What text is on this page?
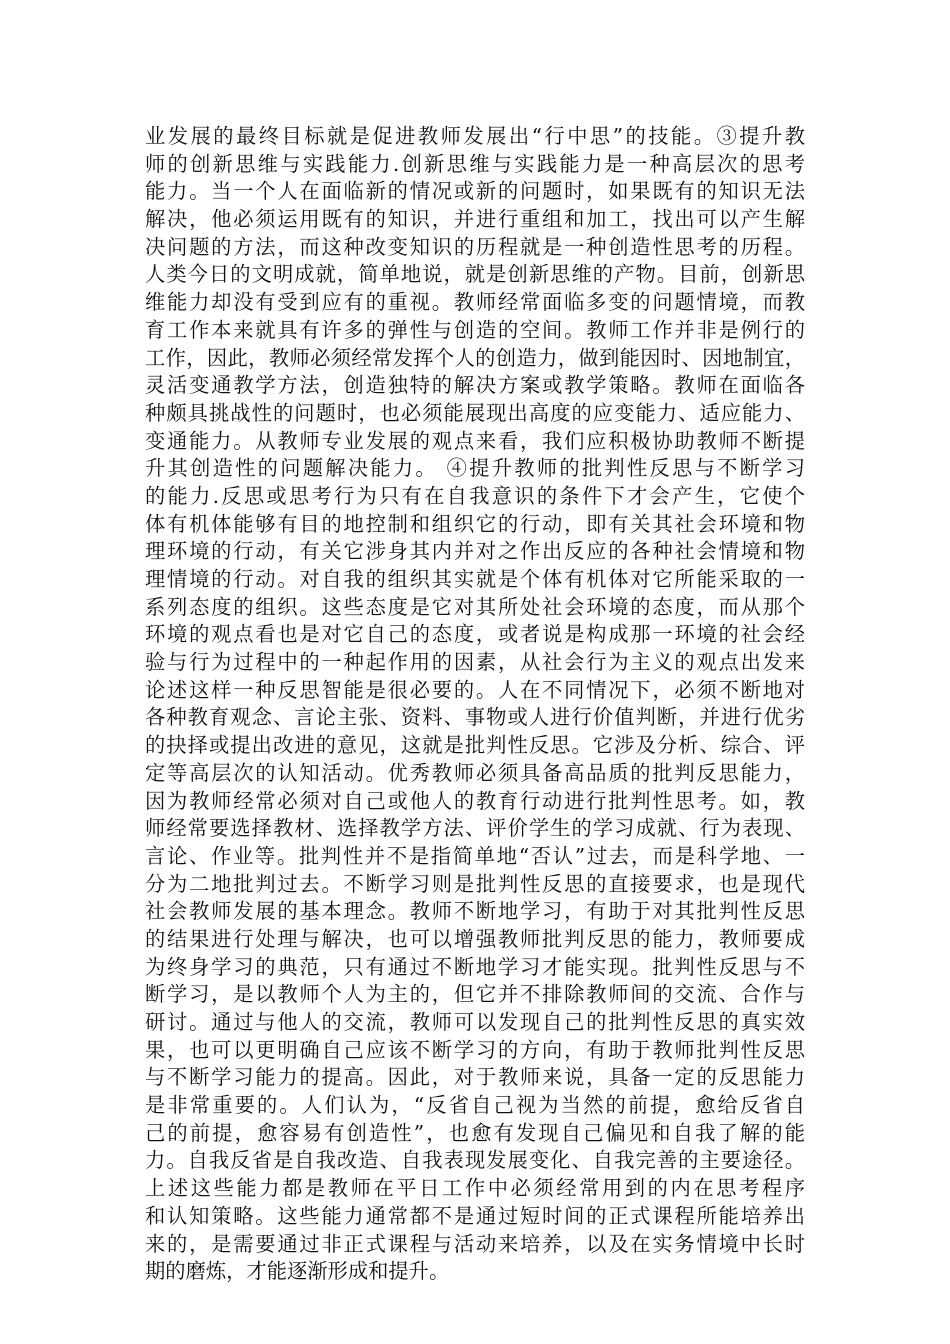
业发展的最终目标就是促进教师发展出“行中思”的技能。③提升教
师的创新思维与实践能力.创新思维与实践能力是一种高层次的思考
能力。当一个人在面临新的情况或新的问题时，如果既有的知识无法
解决，他必须运用既有的知识，并进行重组和加工，找出可以产生解
决问题的方法，而这种改变知识的历程就是一种创造性思考的历程。
人类今日的文明成就，简单地说，就是创新思维的产物。目前，创新思
维能力却没有受到应有的重视。教师经常面临多变的问题情境，而教
育工作本来就具有许多的弹性与创造的空间。教师工作并非是例行的
工作，因此，教师必须经常发挥个人的创造力，做到能因时、因地制宜，
灵活变通教学方法，创造独特的解决方案或教学策略。教师在面临各
种颇具挑战性的问题时，也必须能展现出高度的应变能力、适应能力、
变通能力。从教师专业发展的观点来看，我们应积极协助教师不断提
升其创造性的问题解决能力。 ④提升教师的批判性反思与不断学习
的能力.反思或思考行为只有在自我意识的条件下才会产生，它使个
体有机体能够有目的地控制和组织它的行动，即有关其社会环境和物
理环境的行动，有关它涉身其内并对之作出反应的各种社会情境和物
理情境的行动。对自我的组织其实就是个体有机体对它所能采取的一
系列态度的组织。这些态度是它对其所处社会环境的态度，而从那个
环境的观点看也是对它自己的态度，或者说是构成那一环境的社会经
验与行为过程中的一种起作用的因素，从社会行为主义的观点出发来
论述这样一种反思智能是很必要的。人在不同情况下，必须不断地对
各种教育观念、言论主张、资料、事物或人进行价值判断，并进行优劣
的抉择或提出改进的意见，这就是批判性反思。它涉及分析、综合、评
定等高层次的认知活动。优秀教师必须具备高品质的批判反思能力，
因为教师经常必须对自己或他人的教育行动进行批判性思考。如，教
师经常要选择教材、选择教学方法、评价学生的学习成就、行为表现、
言论、作业等。批判性并不是指简单地“否认”过去，而是科学地、一
分为二地批判过去。不断学习则是批判性反思的直接要求，也是现代
社会教师发展的基本理念。教师不断地学习，有助于对其批判性反思
的结果进行处理与解决，也可以增强教师批判反思的能力，教师要成
为终身学习的典范，只有通过不断地学习才能实现。批判性反思与不
断学习，是以教师个人为主的，但它并不排除教师间的交流、合作与
研讨。通过与他人的交流，教师可以发现自己的批判性反思的真实效
果，也可以更明确自己应该不断学习的方向，有助于教师批判性反思
与不断学习能力的提高。因此，对于教师来说，具备一定的反思能力
是非常重要的。人们认为，“反省自己视为当然的前提，愈给反省自
己的前提，愈容易有创造性”，也愈有发现自己偏见和自我了解的能
力。自我反省是自我改造、自我表现发展变化、自我完善的主要途径。
上述这些能力都是教师在平日工作中必须经常用到的内在思考程序
和认知策略。这些能力通常都不是通过短时间的正式课程所能培养出
来的，是需要通过非正式课程与活动来培养，以及在实务情境中长时
期的磨炼，才能逐渐形成和提升。
